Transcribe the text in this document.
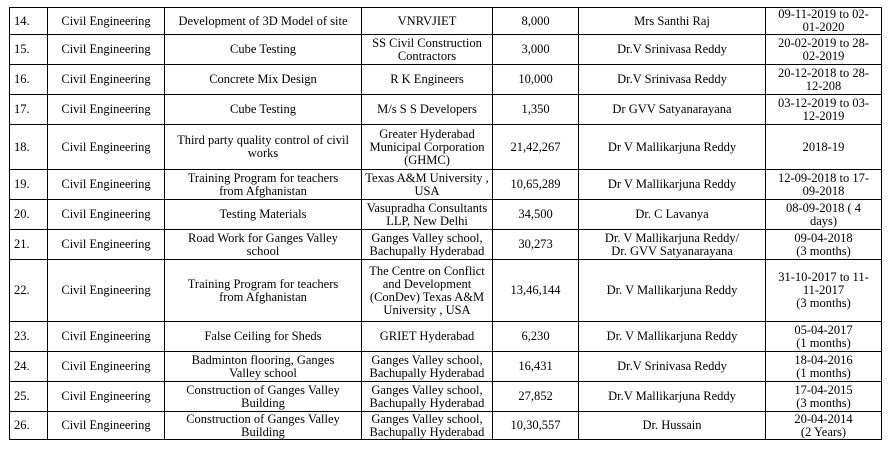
14.	Civil Engineering	Development of 3D Model of site	VNRVJIET	8,000	Mrs Santhi Raj	09-11-2019 to 02-
01-2020
15.	Civil Engineering	Cube Testing	SS Civil Construction
Contractors	3,000	Dr.V Srinivasa Reddy	20-02-2019 to 28-
02-2019
16.	Civil Engineering	Concrete Mix Design	R K Engineers	10,000	Dr.V Srinivasa Reddy	20-12-2018 to 28-
12-208
17.	Civil Engineering	Cube Testing	M/s S S Developers	1,350	Dr GVV Satyanarayana	03-12-2019 to 03-
12-2019
18.	Civil Engineering	Third party quality control of civil
works	Greater Hyderabad
Municipal Corporation
(GHMC)	21,42,267	Dr V Mallikarjuna Reddy	2018-19
19.	Civil Engineering	Training Program for teachers
from Afghanistan	Texas A&M University ,
USA	10,65,289	Dr V Mallikarjuna Reddy	12-09-2018 to 17-
09-2018
20.	Civil Engineering	Testing Materials	Vasupradha Consultants
LLP, New Delhi	34,500	Dr. C Lavanya	08-09-2018 ( 4
days)
21.	Civil Engineering	Road Work for Ganges Valley
school	Ganges Valley school,
Bachupally Hyderabad	30,273	Dr. V Mallikarjuna Reddy/
Dr. GVV Satyanarayana	09-04-2018
(3 months)
22.	Civil Engineering	Training Program for teachers
from Afghanistan	The Centre on Conflict
and Development
(ConDev) Texas A&M
University , USA	13,46,144	Dr. V Mallikarjuna Reddy	31-10-2017 to 11-
11-2017
(3 months)
23.	Civil Engineering	False Ceiling for Sheds	GRIET Hyderabad	6,230	Dr. V Mallikarjuna Reddy	05-04-2017
(1 months)
24.	Civil Engineering	Badminton flooring, Ganges
Valley school	Ganges Valley school,
Bachupally Hyderabad	16,431	Dr.V Srinivasa Reddy	18-04-2016
(1 months)
25.	Civil Engineering	Construction of Ganges Valley
Building	Ganges Valley school,
Bachupally Hyderabad	27,852	Dr.V Mallikarjuna Reddy	17-04-2015
(3 months)
26.	Civil Engineering	Construction of Ganges Valley
Building	Ganges Valley school,
Bachupally Hyderabad	10,30,557	Dr. Hussain	20-04-2014
(2 Years)
